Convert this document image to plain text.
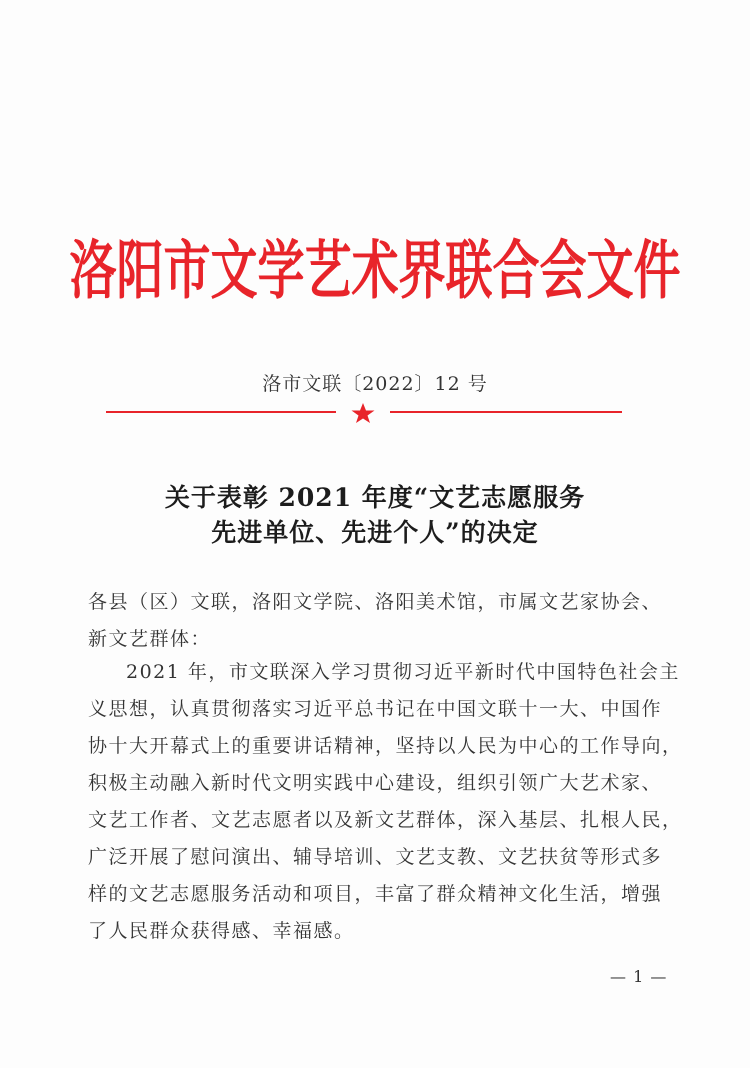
洛阳市文学艺术界联合会文件
洛市文联〔2022〕12 号
关于表彰 2021 年度“文艺志愿服务
先进单位、先进个人”的决定
各县（区）文联，洛阳文学院、洛阳美术馆，市属文艺家协会、
新文艺群体：
2021 年，市文联深入学习贯彻习近平新时代中国特色社会主
义思想，认真贯彻落实习近平总书记在中国文联十一大、中国作
协十大开幕式上的重要讲话精神，坚持以人民为中心的工作导向，
积极主动融入新时代文明实践中心建设，组织引领广大艺术家、
文艺工作者、文艺志愿者以及新文艺群体，深入基层、扎根人民，
广泛开展了慰问演出、辅导培训、文艺支教、文艺扶贫等形式多
样的文艺志愿服务活动和项目，丰富了群众精神文化生活，增强
了人民群众获得感、幸福感。
— 1 —
